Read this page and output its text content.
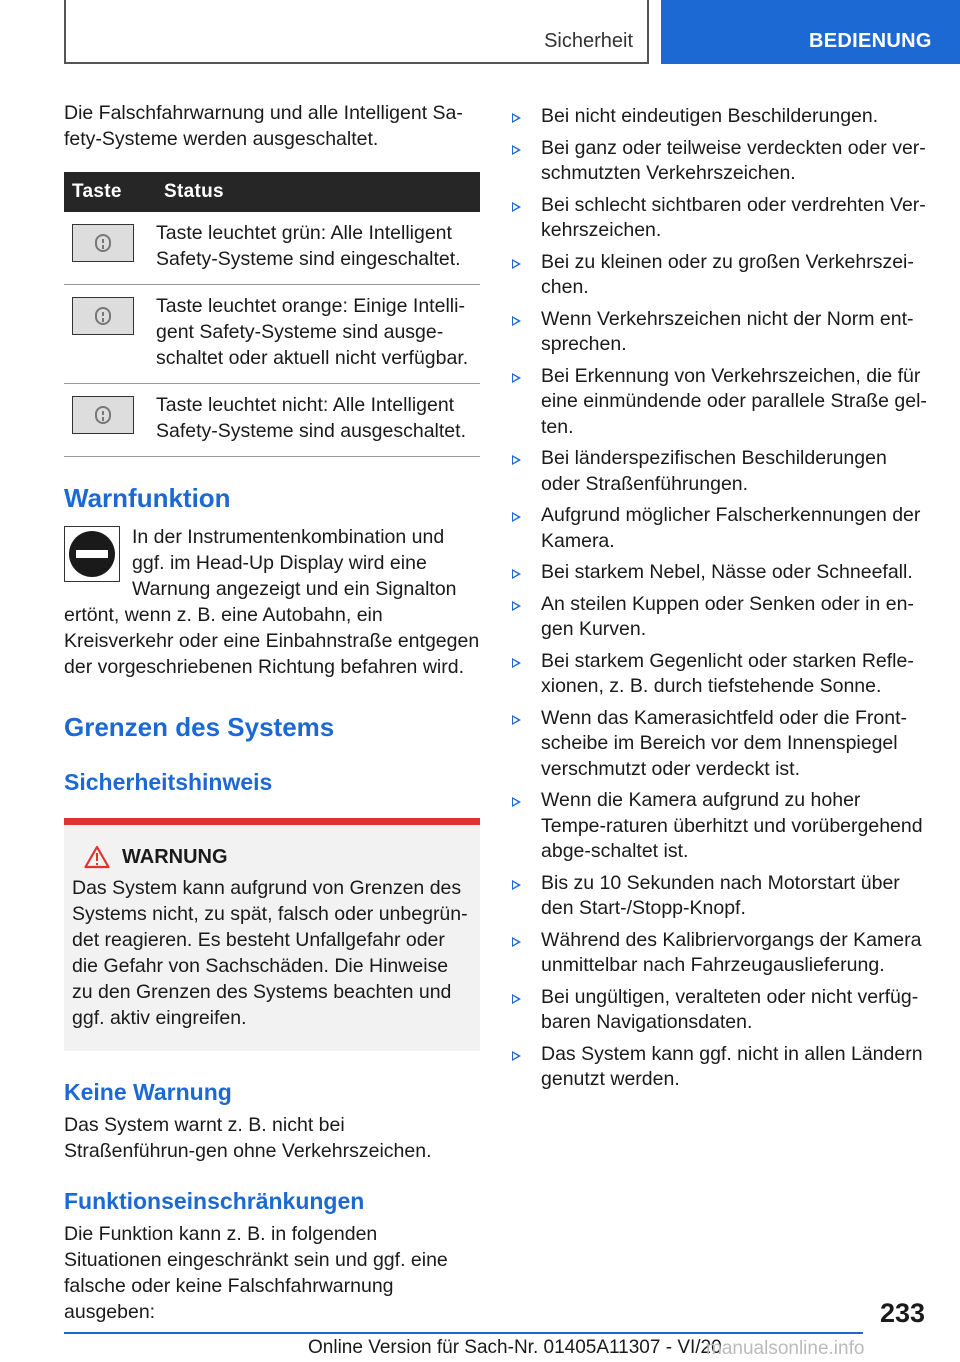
Sicherheit	BEDIENUNG

Die Falschfahrwarnung und alle Intelligent Sa-
fety-Systeme werden ausgeschaltet.

Taste	Status

	Taste leuchtet grün: Alle Intelligent Safety-Systeme sind eingeschaltet.

	Taste leuchtet orange: Einige Intelli-gent Safety-Systeme sind ausge-schaltet oder aktuell nicht verfügbar.

	Taste leuchtet nicht: Alle Intelligent Safety-Systeme sind ausgeschaltet.
Warnfunktion

In der Instrumentenkombination und ggf. im Head-Up Display wird eine Warnung angezeigt und ein Signalton ertönt, wenn z. B. eine Autobahn, ein Kreisverkehr oder eine Einbahnstraße entgegen der vorgeschriebenen Richtung befahren wird.

Grenzen des Systems
Sicherheitshinweis
WARNUNG

Das System kann aufgrund von Grenzen des Systems nicht, zu spät, falsch oder unbegrün-det reagieren. Es besteht Unfallgefahr oder die Gefahr von Sachschäden. Die Hinweise zu den Grenzen des Systems beachten und ggf. aktiv eingreifen.

Keine Warnung

Das System warnt z. B. nicht bei Straßenführun-gen ohne Verkehrszeichen.

Funktionseinschränkungen

Die Funktion kann z. B. in folgenden Situationen eingeschränkt sein und ggf. eine falsche oder keine Falschfahrwarnung ausgeben:

Bei nicht eindeutigen Beschilderungen.
Bei ganz oder teilweise verdeckten oder ver-schmutzten Verkehrszeichen.
Bei schlecht sichtbaren oder verdrehten Ver-kehrszeichen.
Bei zu kleinen oder zu großen Verkehrszei-chen.
Wenn Verkehrszeichen nicht der Norm ent-sprechen.
Bei Erkennung von Verkehrszeichen, die für eine einmündende oder parallele Straße gel-ten.
Bei länderspezifischen Beschilderungen oder Straßenführungen.
Aufgrund möglicher Falscherkennungen der Kamera.
Bei starkem Nebel, Nässe oder Schneefall.
An steilen Kuppen oder Senken oder in en-gen Kurven.
Bei starkem Gegenlicht oder starken Refle-xionen, z. B. durch tiefstehende Sonne.
Wenn das Kamerasichtfeld oder die Front-scheibe im Bereich vor dem Innenspiegel verschmutzt oder verdeckt ist.
Wenn die Kamera aufgrund zu hoher Tempe-raturen überhitzt und vorübergehend abge-schaltet ist.
Bis zu 10 Sekunden nach Motorstart über den Start-/Stopp-Knopf.
Während des Kalibriervorgangs der Kamera unmittelbar nach Fahrzeugauslieferung.
Bei ungültigen, veralteten oder nicht verfüg-baren Navigationsdaten.
Das System kann ggf. nicht in allen Ländern genutzt werden.
233
Online Version für Sach-Nr. 01405A11307 - VI/20
manualsonline.info
